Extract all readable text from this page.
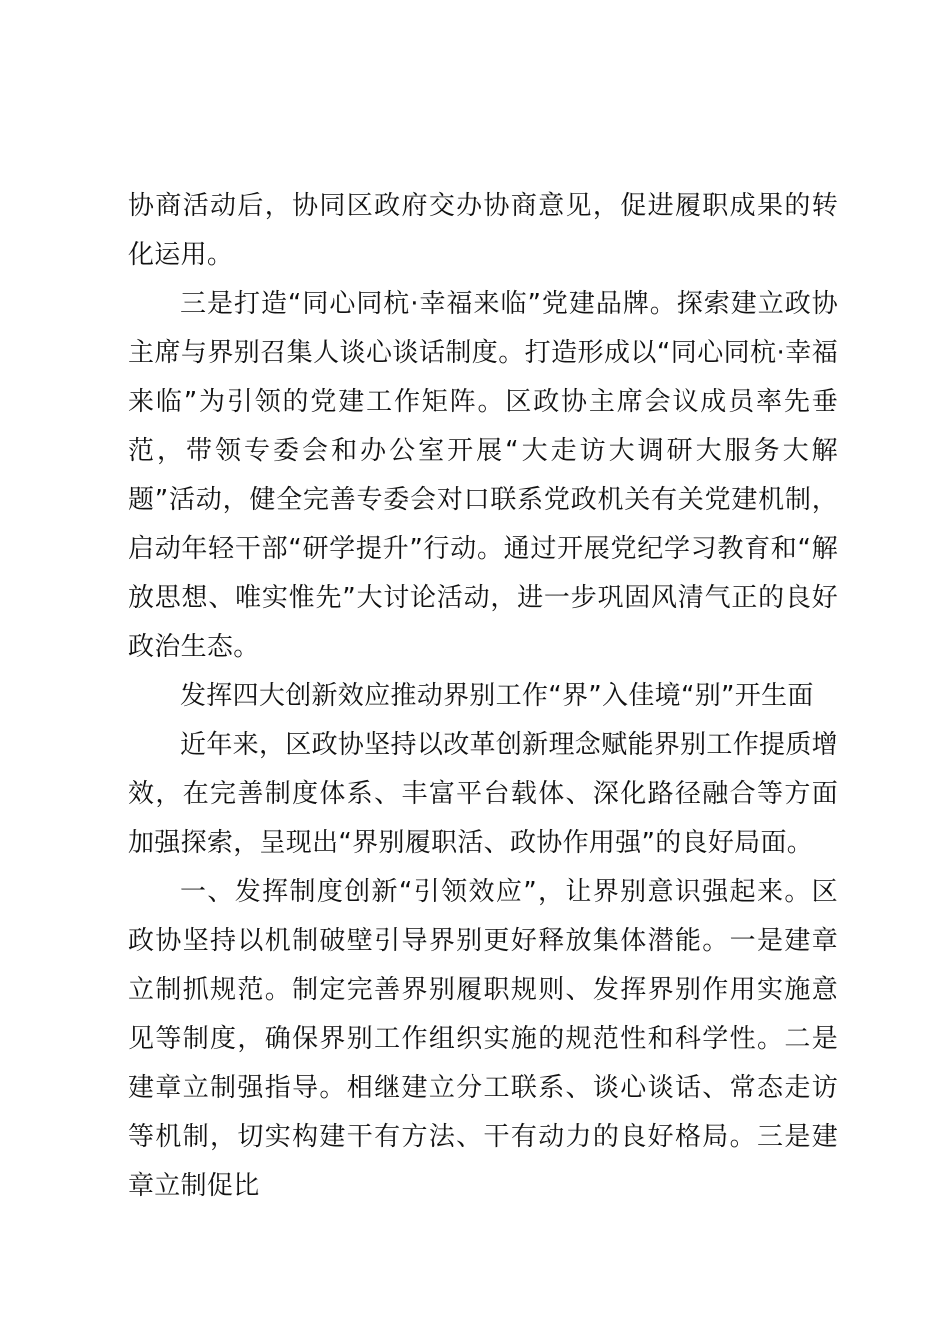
协商活动后，协同区政府交办协商意见，促进履职成果的转化运用。

三是打造“同心同杭·幸福来临”党建品牌。探索建立政协主席与界别召集人谈心谈话制度。打造形成以“同心同杭·幸福来临”为引领的党建工作矩阵。区政协主席会议成员率先垂范，带领专委会和办公室开展“大走访大调研大服务大解题”活动，健全完善专委会对口联系党政机关有关党建机制，启动年轻干部“研学提升”行动。通过开展党纪学习教育和“解放思想、唯实惟先”大讨论活动，进一步巩固风清气正的良好政治生态。

发挥四大创新效应推动界别工作“界”入佳境“别”开生面

近年来，区政协坚持以改革创新理念赋能界别工作提质增效，在完善制度体系、丰富平台载体、深化路径融合等方面加强探索，呈现出“界别履职活、政协作用强”的良好局面。

一、发挥制度创新“引领效应”，让界别意识强起来。区政协坚持以机制破壁引导界别更好释放集体潜能。一是建章立制抓规范。制定完善界别履职规则、发挥界别作用实施意见等制度，确保界别工作组织实施的规范性和科学性。二是建章立制强指导。相继建立分工联系、谈心谈话、常态走访等机制，切实构建干有方法、干有动力的良好格局。三是建章立制促比
